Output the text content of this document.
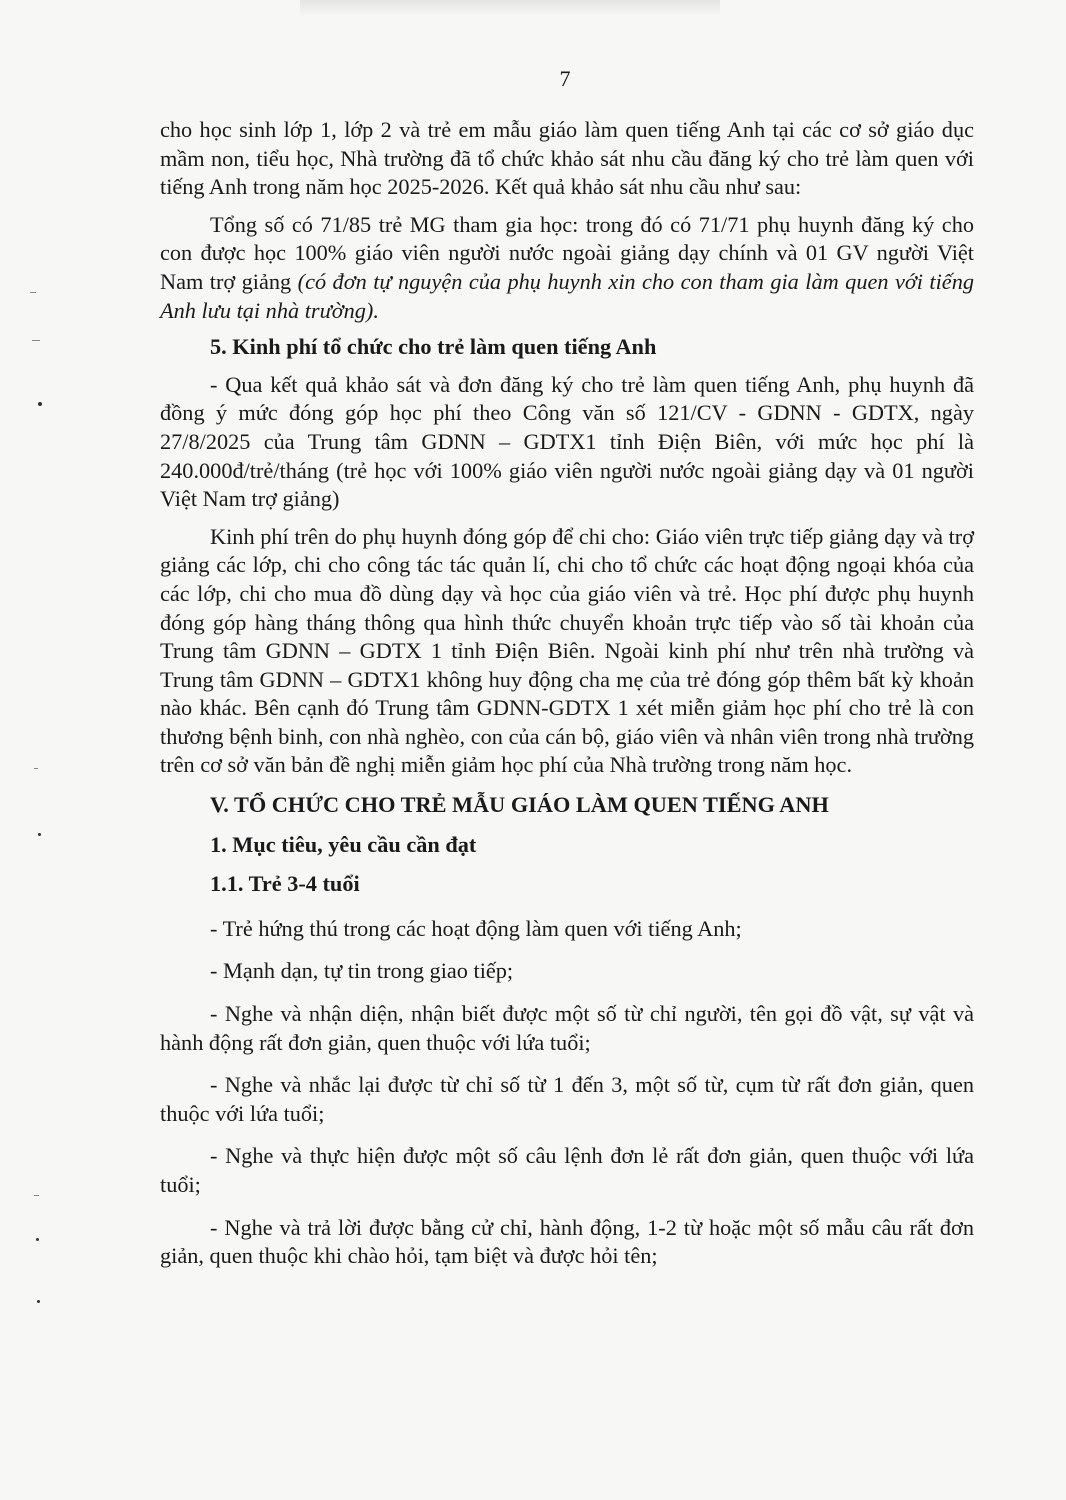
7

cho học sinh lớp 1, lớp 2 và trẻ em mẫu giáo làm quen tiếng Anh tại các cơ sở giáo dục mầm non, tiểu học, Nhà trường đã tổ chức khảo sát nhu cầu đăng ký cho trẻ làm quen với tiếng Anh trong năm học 2025-2026. Kết quả khảo sát nhu cầu như sau:

Tổng số có 71/85 trẻ MG tham gia học: trong đó có 71/71 phụ huynh đăng ký cho con được học 100% giáo viên người nước ngoài giảng dạy chính và 01 GV người Việt Nam trợ giảng (có đơn tự nguyện của phụ huynh xin cho con tham gia làm quen với tiếng Anh lưu tại nhà trường).

5. Kinh phí tổ chức cho trẻ làm quen tiếng Anh

- Qua kết quả khảo sát và đơn đăng ký cho trẻ làm quen tiếng Anh, phụ huynh đã đồng ý mức đóng góp học phí theo Công văn số 121/CV - GDNN - GDTX, ngày 27/8/2025 của Trung tâm GDNN – GDTX1 tỉnh Điện Biên, với mức học phí là 240.000đ/trẻ/tháng (trẻ học với 100% giáo viên người nước ngoài giảng dạy và 01 người Việt Nam trợ giảng)

Kinh phí trên do phụ huynh đóng góp để chi cho: Giáo viên trực tiếp giảng dạy và trợ giảng các lớp, chi cho công tác tác quản lí, chi cho tổ chức các hoạt động ngoại khóa của các lớp, chi cho mua đồ dùng dạy và học của giáo viên và trẻ. Học phí được phụ huynh đóng góp hàng tháng thông qua hình thức chuyển khoản trực tiếp vào số tài khoản của Trung tâm GDNN – GDTX 1 tỉnh Điện Biên. Ngoài kinh phí như trên nhà trường và Trung tâm GDNN – GDTX1 không huy động cha mẹ của trẻ đóng góp thêm bất kỳ khoản nào khác. Bên cạnh đó Trung tâm GDNN-GDTX 1 xét miễn giảm học phí cho trẻ là con thương bệnh binh, con nhà nghèo, con của cán bộ, giáo viên và nhân viên trong nhà trường trên cơ sở văn bản đề nghị miễn giảm học phí của Nhà trường trong năm học.

V. TỔ CHỨC CHO TRẺ MẪU GIÁO LÀM QUEN TIẾNG ANH

1. Mục tiêu, yêu cầu cần đạt

1.1. Trẻ 3-4 tuổi

- Trẻ hứng thú trong các hoạt động làm quen với tiếng Anh;

- Mạnh dạn, tự tin trong giao tiếp;

- Nghe và nhận diện, nhận biết được một số từ chỉ người, tên gọi đồ vật, sự vật và hành động rất đơn giản, quen thuộc với lứa tuổi;

- Nghe và nhắc lại được từ chỉ số từ 1 đến 3, một số từ, cụm từ rất đơn giản, quen thuộc với lứa tuổi;

- Nghe và thực hiện được một số câu lệnh đơn lẻ rất đơn giản, quen thuộc với lứa tuổi;

- Nghe và trả lời được bằng cử chỉ, hành động, 1-2 từ hoặc một số mẫu câu rất đơn giản, quen thuộc khi chào hỏi, tạm biệt và được hỏi tên;
